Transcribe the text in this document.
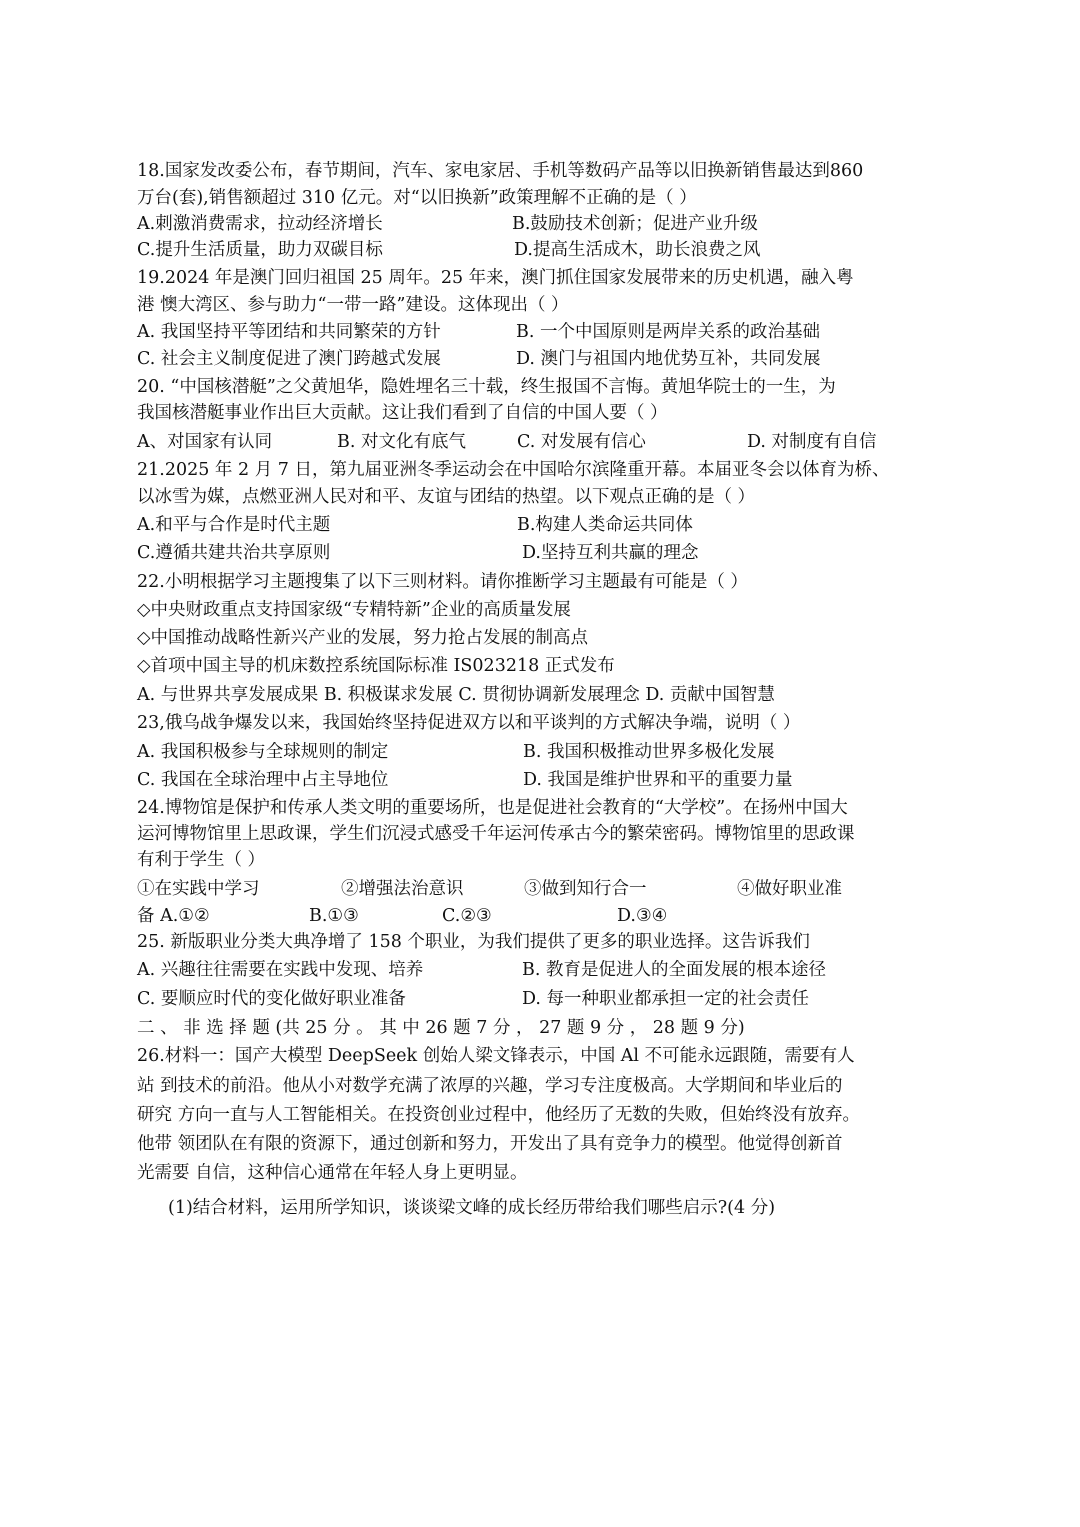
18.国家发改委公布，春节期间，汽车、家电家居、手机等数码产品等以旧换新销售最达到860
万台(套),销售额超过 310 亿元。对“以旧换新”政策理解不正确的是（ ）
A.刺激消费需求，拉动经济增长	B.鼓励技术创新；促进产业升级
C.提升生活质量，助力双碳目标	D.提高生活成木，助长浪费之风
19.2024 年是澳门回归祖国 25 周年。25 年来，澳门抓住国家发展带来的历史机遇，融入粤
港 懊大湾区、参与助力“一带一路”建设。这体现出（ ）
A. 我国坚持平等团结和共同繁荣的方针	B. 一个中国原则是两岸关系的政治基础
C. 社会主义制度促进了澳门跨越式发展	D. 澳门与祖国内地优势互补，共同发展
20. “中国核潜艇”之父黄旭华，隐姓埋名三十载，终生报国不言悔。黄旭华院士的一生，为
我国核潜艇事业作出巨大贡献。这让我们看到了自信的中国人要（ ）
A、对国家有认同	B. 对文化有底气	C. 对发展有信心	D. 对制度有自信
21.2025 年 2 月 7 日，第九届亚洲冬季运动会在中国哈尔滨隆重开幕。本届亚冬会以体育为桥、
以冰雪为媒，点燃亚洲人民对和平、友谊与团结的热望。以下观点正确的是（ ）
A.和平与合作是时代主题	B.构建人类命运共同体
C.遵循共建共治共享原则	D.坚持互利共赢的理念
22.小明根据学习主题搜集了以下三则材料。请你推断学习主题最有可能是（ ）
◇中央财政重点支持国家级“专精特新”企业的高质量发展
◇中国推动战略性新兴产业的发展，努力抢占发展的制高点
◇首项中国主导的机床数控系统国际标准 IS023218 正式发布
A. 与世界共享发展成果 B. 积极谋求发展 C. 贯彻协调新发展理念 D. 贡献中国智慧
23,俄乌战争爆发以来，我国始终坚持促进双方以和平谈判的方式解决争端，说明（ ）
A. 我国积极参与全球规则的制定	B. 我国积极推动世界多极化发展
C. 我国在全球治理中占主导地位	D. 我国是维护世界和平的重要力量
24.博物馆是保护和传承人类文明的重要场所，也是促进社会教育的“大学校”。在扬州中国大
运河博物馆里上思政课，学生们沉浸式感受千年运河传承古今的繁荣密码。博物馆里的思政课
有利于学生（ ）
①在实践中学习	②增强法治意识	③做到知行合一	④做好职业准
备 A.①②	B.①③	C.②③	D.③④
25. 新版职业分类大典净增了 158 个职业，为我们提供了更多的职业选择。这告诉我们
A. 兴趣往往需要在实践中发现、培养	B. 教育是促进人的全面发展的根本途径
C. 要顺应时代的变化做好职业准备	D. 每一种职业都承担一定的社会责任
二 、 非 选 择 题 (共 25 分 。 其 中 26 题 7 分 ， 27 题 9 分 ， 28 题 9 分)
26.材料一：国产大模型 DeepSeek 创始人梁文锋表示，中国 Al 不可能永远跟随，需要有人
站 到技术的前沿。他从小对数学充满了浓厚的兴趣，学习专注度极高。大学期间和毕业后的
研究 方向一直与人工智能相关。在投资创业过程中，他经历了无数的失败，但始终没有放弃。
他带 领团队在有限的资源下，通过创新和努力，开发出了具有竞争力的模型。他觉得创新首
光需要 自信，这种信心通常在年轻人身上更明显。
(1)结合材料，运用所学知识，谈谈梁文峰的成长经历带给我们哪些启示?(4 分)
